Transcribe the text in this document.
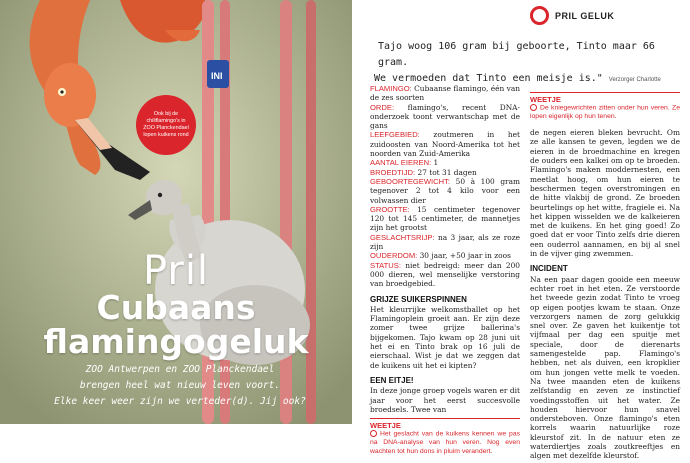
INI
Ook bij de chiliflamingo's in ZOO Planckendael lopen kuikens rond
Pril
Cubaans
flamingogeluk
ZOO Antwerpen en ZOO Planckendael
brengen heel wat nieuw leven voort.
Elke keer weer zijn we verteder(d). Jij ook?
PRIL GELUK
Tajo woog 106 gram bij geboorte, Tinto maar 66 gram.
We vermoeden dat Tinto een meisje is." Verzorger Charlotte

FLAMINGO: Cubaanse flamingo, één van de zes soorten

ORDE: flamingo's, recent DNA-onderzoek toont verwantschap met de gans

LEEFGEBIED: zoutmeren in het zuidoosten van Noord-Amerika tot het noorden van Zuid-Amerika

AANTAL EIEREN: 1

BROEDTIJD: 27 tot 31 dagen

GEBOORTEGEWICHT: 50 à 100 gram tegenover 2 tot 4 kilo voor een volwassen dier

GROOTTE: 15 centimeter tegenover 120 tot 145 centimeter, de mannetjes zijn het grootst

GESLACHTSRIJP: na 3 jaar, als ze roze zijn

OUDERDOM: 30 jaar, +50 jaar in zoos

STATUS: niet bedreigd: meer dan 200 000 dieren, wel menselijke verstoring van broedgebied.

GRIJZE SUIKERSPINNEN

Het kleurrijke welkomstballet op het Flamingoplein groeit aan. Er zijn deze zomer twee grijze ballerina's bijgekomen. Tajo kwam op 28 juni uit het ei en Tinto brak op 16 juli de eierschaal. Wist je dat we zeggen dat de kuikens uit het ei kipten?

EEN EITJE!

In deze jonge groep vogels waren er dit jaar voor het eerst succesvolle broedsels. Twee van

WEETJE
Het geslacht van de kuikens kennen we pas na DNA-analyse van hun veren. Nog even wachten tot hun dons in pluim verandert.
WEETJE
De kniegewrichten zitten onder hun veren. Ze lopen eigenlijk op hun tenen.

de negen eieren bleken bevrucht. Om ze alle kansen te geven, legden we de eieren in de broedmachine en kregen de ouders een kalkei om op te broeden. Flamingo's maken moddernesten, een meetlat hoog, om hun eieren te beschermen tegen overstromingen en de hitte vlakbij de grond. Ze broeden beurtelings op het witte, fragiele ei. Na het kippen wisselden we de kalkeieren met de kuikens. En het ging goed! Zo goed dat er voor Tinto zelfs drie dieren een ouderrol aannamen, en bij al snel in de vijver ging zwemmen.

INCIDENT

Na een paar dagen gooide een meeuw echter roet in het eten. Ze verstoorde het tweede gezin zodat Tinto te vroeg op eigen pootjes kwam te staan. Onze verzorgers namen de zorg gelukkig snel over. Ze gaven het kuikentje tot vijfmaal per dag een spuitje met speciale, door de dierenarts samengestelde pap. Flamingo's hebben, net als duiven, een kropklier om hun jongen vette melk te voeden. Na twee maanden eten de kuikens zelfstandig en zeven ze instinctief voedingsstoffen uit het water. Ze houden hiervoor hun snavel ondersteboven. Onze flamingo's eten korrels waarin natuurlijke roze kleurstof zit. In de natuur eten ze waterdiertjes zoals zoutkreeftjes en algen met dezelfde kleurstof.
